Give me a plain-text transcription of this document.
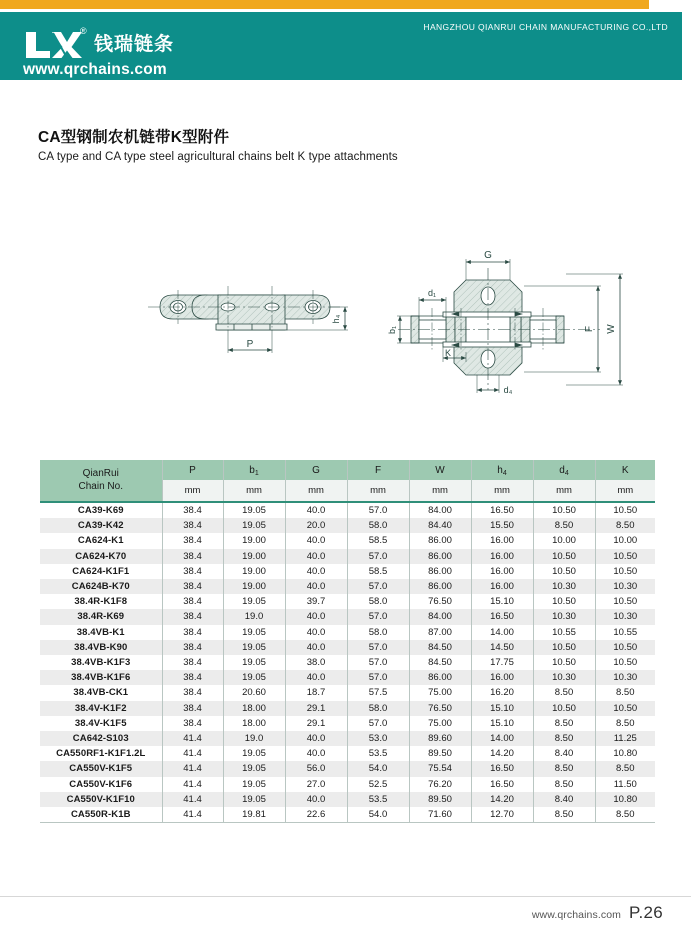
®
钱瑞链条
www.qrchains.com
HANGZHOU QIANRUI CHAIN MANUFACTURING CO.,LTD
CA型钢制农机链带K型附件

CA type and CA type steel agricultural chains belt K type attachments

P
h₄
G
d₁
b₁
K
d₄
F W
QianRui
Chain No.	P	$b_1$	G	F	W	$h_4$	$d_4$	K
	mm	mm	mm	mm	mm	mm	mm	mm

CA39-K69	38.4	19.05	40.0	57.0	84.00	16.50	10.50	10.50
CA39-K42	38.4	19.05	20.0	58.0	84.40	15.50	8.50	8.50
CA624-K1	38.4	19.00	40.0	58.5	86.00	16.00	10.00	10.00
CA624-K70	38.4	19.00	40.0	57.0	86.00	16.00	10.50	10.50
CA624-K1F1	38.4	19.00	40.0	58.5	86.00	16.00	10.50	10.50
CA624B-K70	38.4	19.00	40.0	57.0	86.00	16.00	10.30	10.30
38.4R-K1F8	38.4	19.05	39.7	58.0	76.50	15.10	10.50	10.50
38.4R-K69	38.4	19.0	40.0	57.0	84.00	16.50	10.30	10.30
38.4VB-K1	38.4	19.05	40.0	58.0	87.00	14.00	10.55	10.55
38.4VB-K90	38.4	19.05	40.0	57.0	84.50	14.50	10.50	10.50
38.4VB-K1F3	38.4	19.05	38.0	57.0	84.50	17.75	10.50	10.50
38.4VB-K1F6	38.4	19.05	40.0	57.0	86.00	16.00	10.30	10.30
38.4VB-CK1	38.4	20.60	18.7	57.5	75.00	16.20	8.50	8.50
38.4V-K1F2	38.4	18.00	29.1	58.0	76.50	15.10	10.50	10.50
38.4V-K1F5	38.4	18.00	29.1	57.0	75.00	15.10	8.50	8.50
CA642-S103	41.4	19.0	40.0	53.0	89.60	14.00	8.50	11.25
CA550RF1-K1F1.2L	41.4	19.05	40.0	53.5	89.50	14.20	8.40	10.80
CA550V-K1F5	41.4	19.05	56.0	54.0	75.54	16.50	8.50	8.50
CA550V-K1F6	41.4	19.05	27.0	52.5	76.20	16.50	8.50	11.50
CA550V-K1F10	41.4	19.05	40.0	53.5	89.50	14.20	8.40	10.80
CA550R-K1B	41.4	19.81	22.6	54.0	71.60	12.70	8.50	8.50

www.qrchains.com P.26
